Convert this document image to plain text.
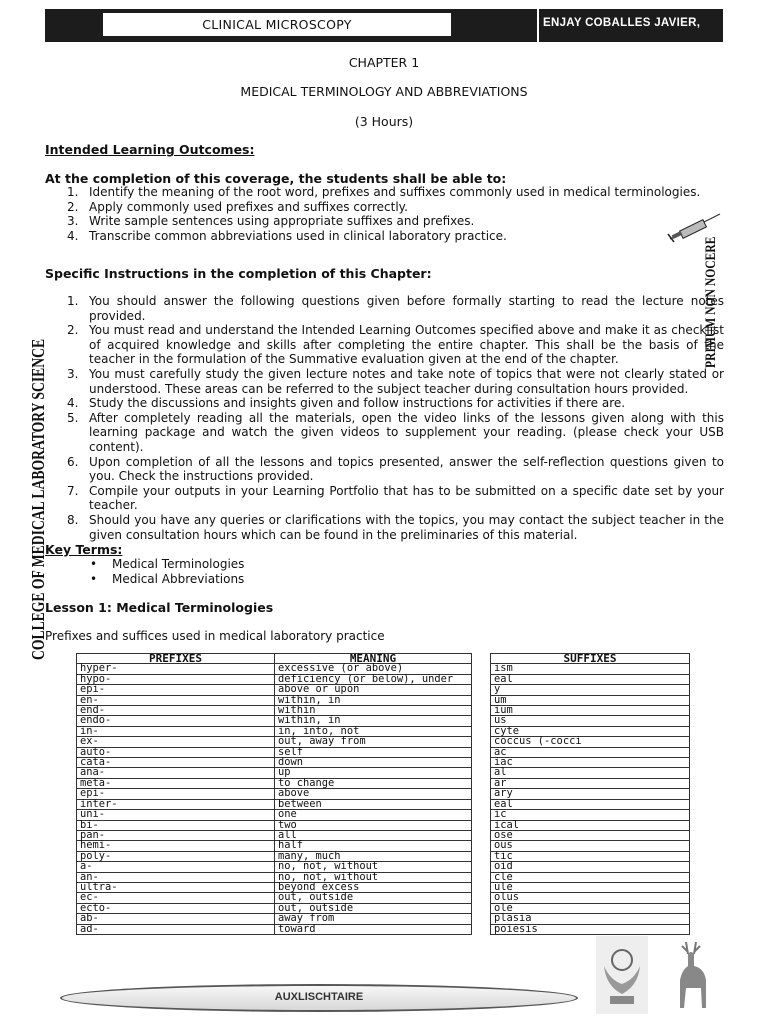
CLINICAL MICROSCOPY	ENJAY COBALLES JAVIER, RMT
CHAPTER 1
MEDICAL TERMINOLOGY AND ABBREVIATIONS
(3 Hours)
Intended Learning Outcomes:
At the completion of this coverage, the students shall be able to:
1. Identify the meaning of the root word, prefixes and suffixes commonly used in medical terminologies.
2. Apply commonly used prefixes and suffixes correctly.
3. Write sample sentences using appropriate suffixes and prefixes.
4. Transcribe common abbreviations used in clinical laboratory practice.
Specific Instructions in the completion of this Chapter:
1. You should answer the following questions given before formally starting to read the lecture notes provided.
2. You must read and understand the Intended Learning Outcomes specified above and make it as checklist of acquired knowledge and skills after completing the entire chapter. This shall be the basis of the teacher in the formulation of the Summative evaluation given at the end of the chapter.
3. You must carefully study the given lecture notes and take note of topics that were not clearly stated or understood. These areas can be referred to the subject teacher during consultation hours provided.
4. Study the discussions and insights given and follow instructions for activities if there are.
5. After completely reading all the materials, open the video links of the lessons given along with this learning package and watch the given videos to supplement your reading. (please check your USB content).
6. Upon completion of all the lessons and topics presented, answer the self-reflection questions given to you. Check the instructions provided.
7. Compile your outputs in your Learning Portfolio that has to be submitted on a specific date set by your teacher.
8. Should you have any queries or clarifications with the topics, you may contact the subject teacher in the given consultation hours which can be found in the preliminaries of this material.
Key Terms:
• Medical Terminologies
• Medical Abbreviations
Lesson 1: Medical Terminologies
Prefixes and suffices used in medical laboratory practice
PREFIXES	MEANING
hyper-	excessive (or above)
hypo-	deficiency (or below), under
epi-	above or upon
en-	within, in
end-	within
endo-	within, in
in-	in, into, not
ex-	out, away from
auto-	self
cata-	down
ana-	up
meta-	to change
epi-	above
inter-	between
uni-	one
bi-	two
pan-	all
hemi-	half
poly-	many, much
a-	no, not, without
an-	no, not, without
ultra-	beyond excess
ec-	out, outside
ecto-	out, outside
ab-	away from
ad-	toward
SUFFIXES
ism
eal
y
um
ium
us
cyte
coccus (-cocci
ac
iac
al
ar
ary
eal
ic
ical
ose
ous
tic
oid
cle
ule
olus
ole
plasia
poiesis
COLLEGE OF MEDICAL LABORATORY SCIENCE
PRIMUM NON NOCERE
AUXLISCHTAIRE
